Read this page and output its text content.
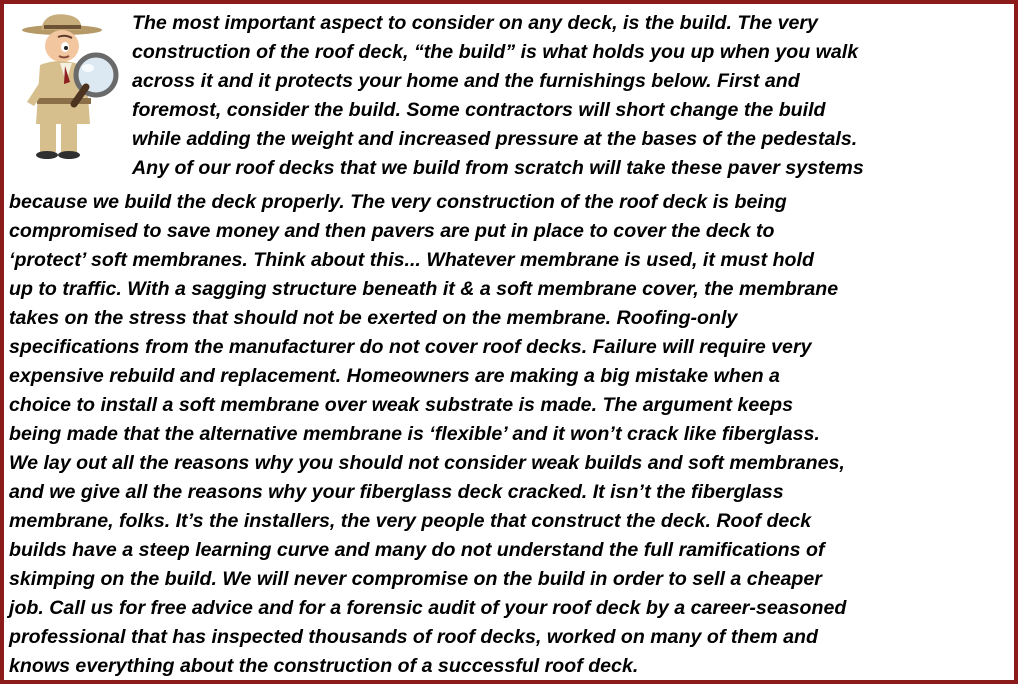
The most important aspect to consider on any deck, is the build. The very
construction of the roof deck, “the build” is what holds you up when you walk
across it and it protects your home and the furnishings below. First and
foremost, consider the build. Some contractors will short change the build
while adding the weight and increased pressure at the bases of the pedestals.
Any of our roof decks that we build from scratch will take these paver systems
because we build the deck properly. The very construction of the roof deck is being
compromised to save money and then pavers are put in place to cover the deck to
‘protect’ soft membranes. Think about this... Whatever membrane is used, it must hold
up to traffic. With a sagging structure beneath it & a soft membrane cover, the membrane
takes on the stress that should not be exerted on the membrane. Roofing-only
specifications from the manufacturer do not cover roof decks. Failure will require very
expensive rebuild and replacement. Homeowners are making a big mistake when a
choice to install a soft membrane over weak substrate is made. The argument keeps
being made that the alternative membrane is ‘flexible’ and it won’t crack like fiberglass.
We lay out all the reasons why you should not consider weak builds and soft membranes,
and we give all the reasons why your fiberglass deck cracked. It isn’t the fiberglass
membrane, folks. It’s the installers, the very people that construct the deck. Roof deck
builds have a steep learning curve and many do not understand the full ramifications of
skimping on the build. We will never compromise on the build in order to sell a cheaper
job. Call us for free advice and for a forensic audit of your roof deck by a career-seasoned
professional that has inspected thousands of roof decks, worked on many of them and
knows everything about the construction of a successful roof deck.
